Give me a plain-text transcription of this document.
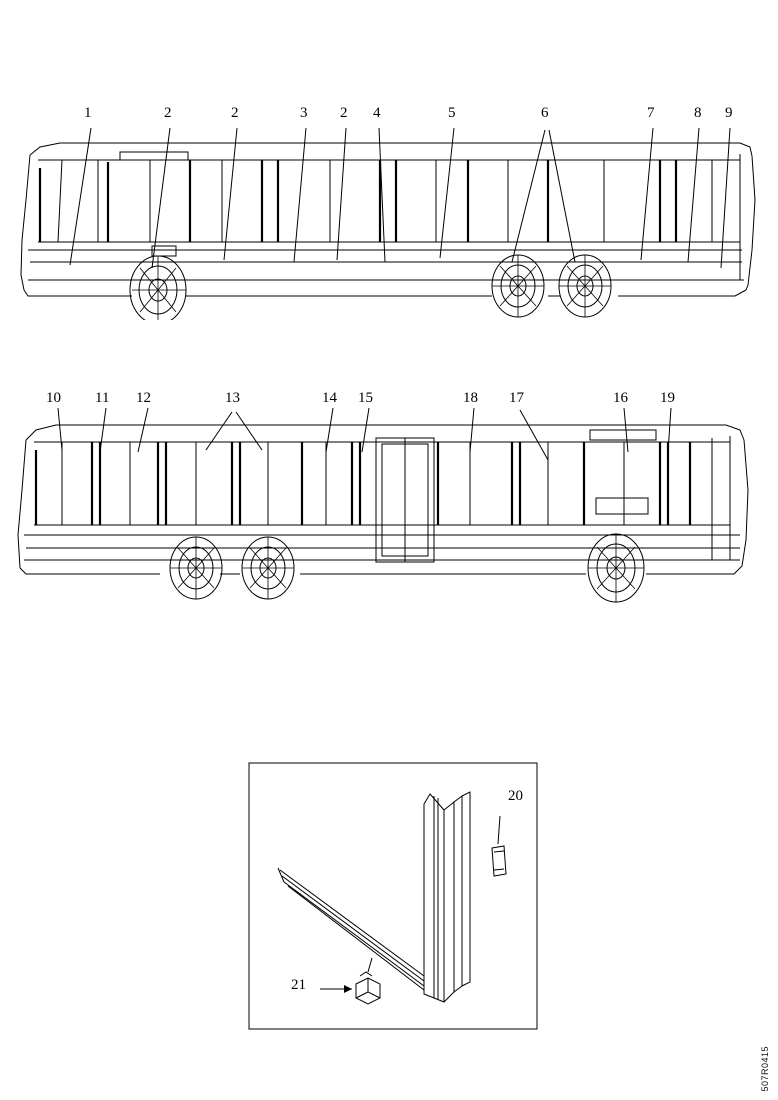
1	2	2	3 2 4	5	6	7	8 9
10 11 12	13	14 15	18 17	16 19
20
21
507R0415
